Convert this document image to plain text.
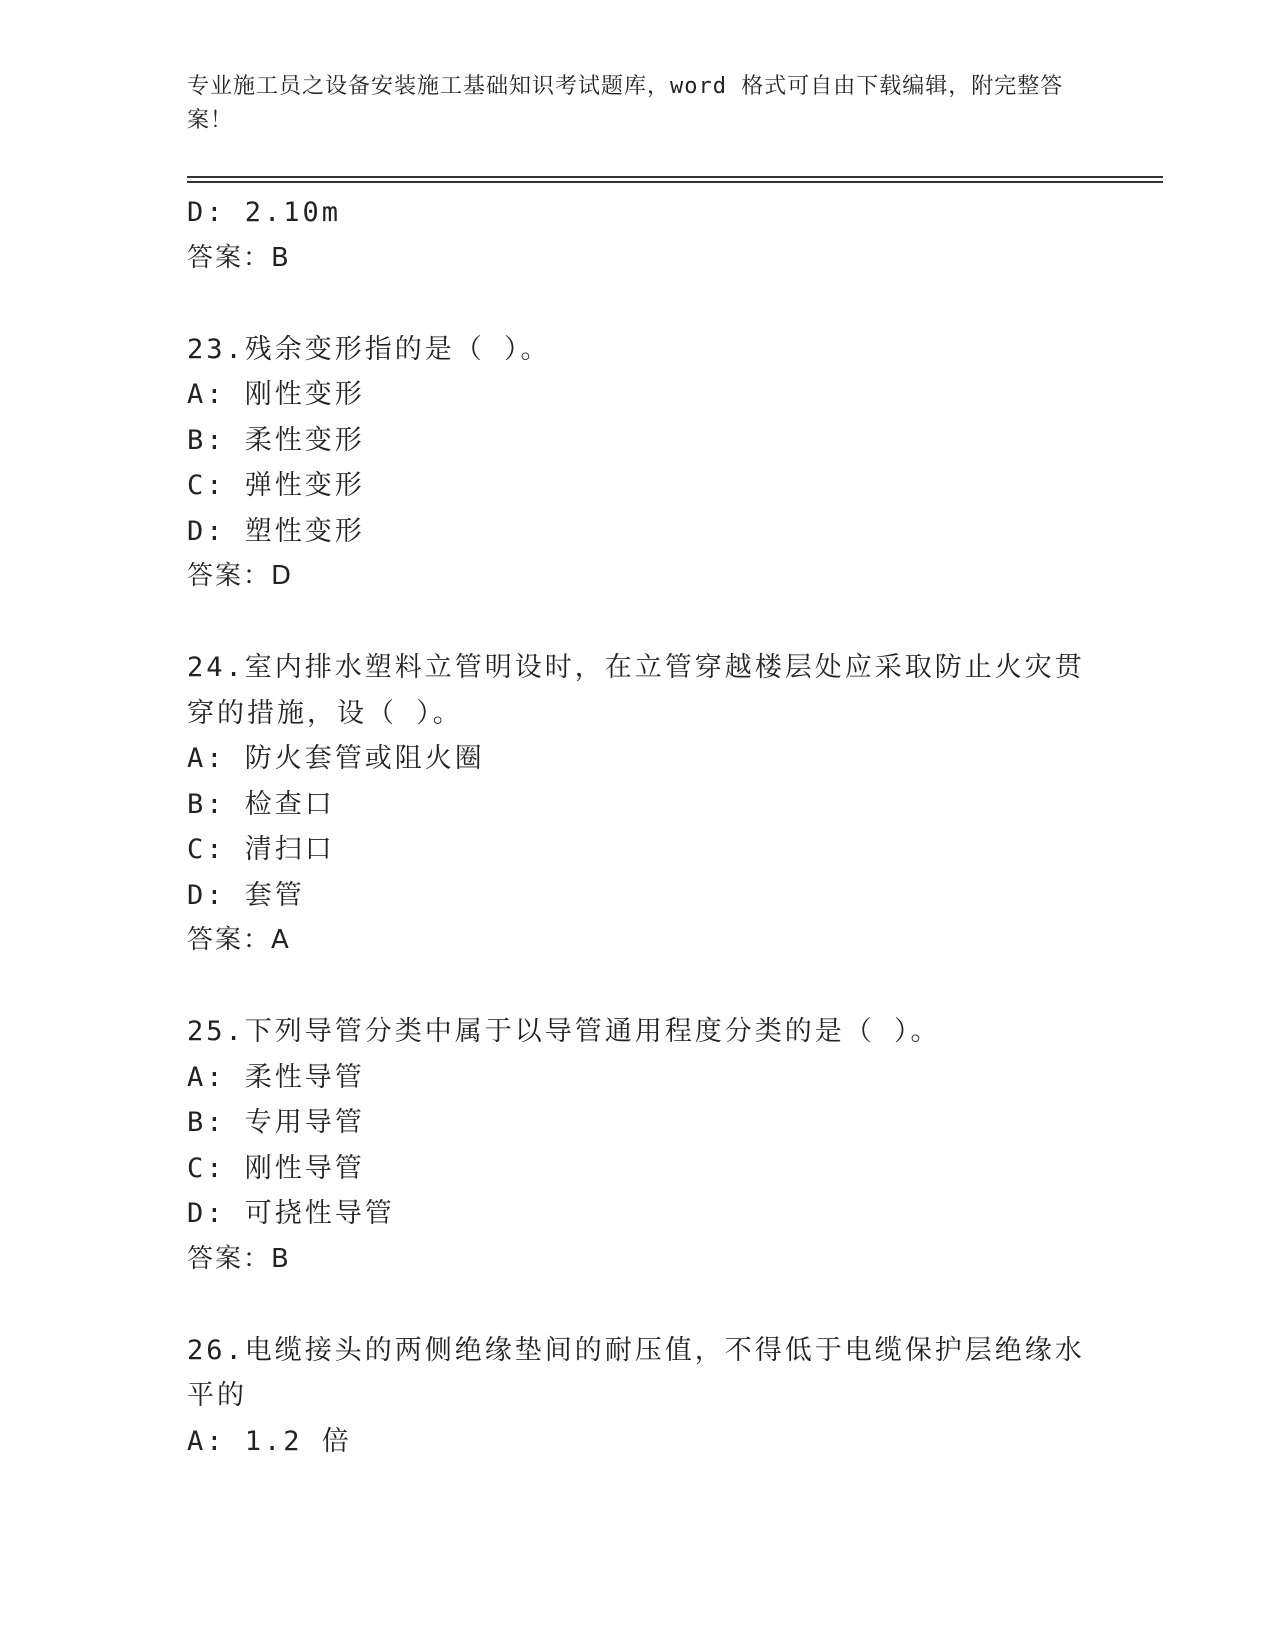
专业施工员之设备安装施工基础知识考试题库，word 格式可自由下载编辑，附完整答案！
D: 2.10m
答案：B
23.残余变形指的是（ ）。
A: 刚性变形
B: 柔性变形
C: 弹性变形
D: 塑性变形
答案：D
24.室内排水塑料立管明设时，在立管穿越楼层处应采取防止火灾贯穿的措施，设（ ）。
A: 防火套管或阻火圈
B: 检查口
C: 清扫口
D: 套管
答案：A
25.下列导管分类中属于以导管通用程度分类的是（ ）。
A: 柔性导管
B: 专用导管
C: 刚性导管
D: 可挠性导管
答案：B
26.电缆接头的两侧绝缘垫间的耐压值，不得低于电缆保护层绝缘水平的
A: 1.2 倍
